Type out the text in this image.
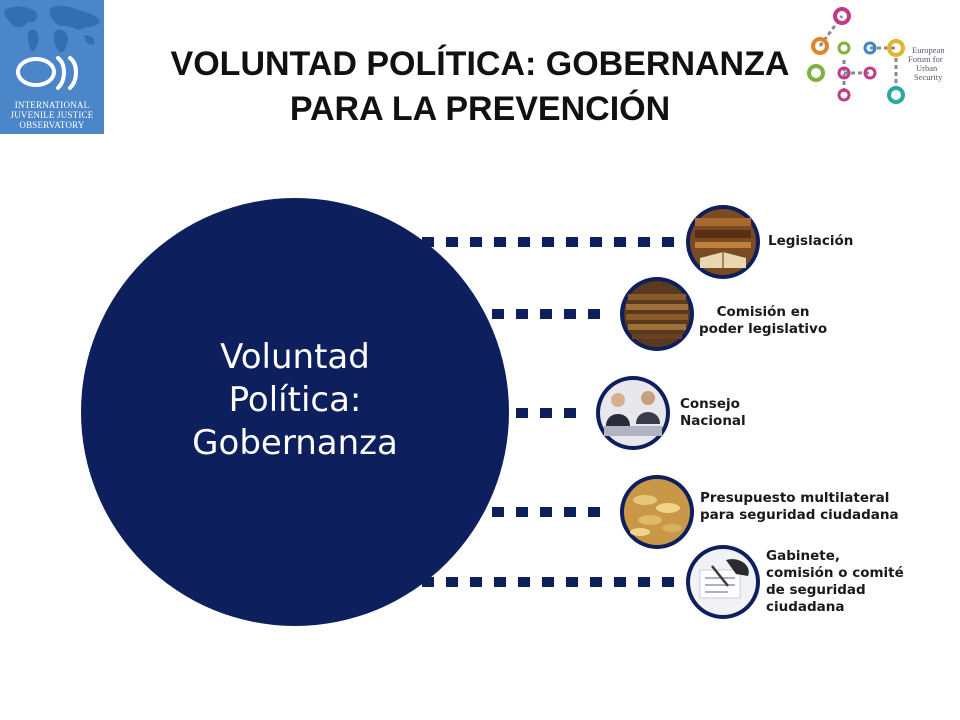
INTERNATIONAL
JUVENILE JUSTICE
OBSERVATORY
VOLUNTAD POLÍTICA: GOBERNANZA
PARA LA PREVENCIÓN
European
Forum for
Urban
Security
Voluntad
Política:
Gobernanza
Legislación
Comisión en
poder legislativo
Consejo
Nacional
Presupuesto multilateral
para seguridad ciudadana
Gabinete,
comisión o comité
de seguridad
ciudadana
